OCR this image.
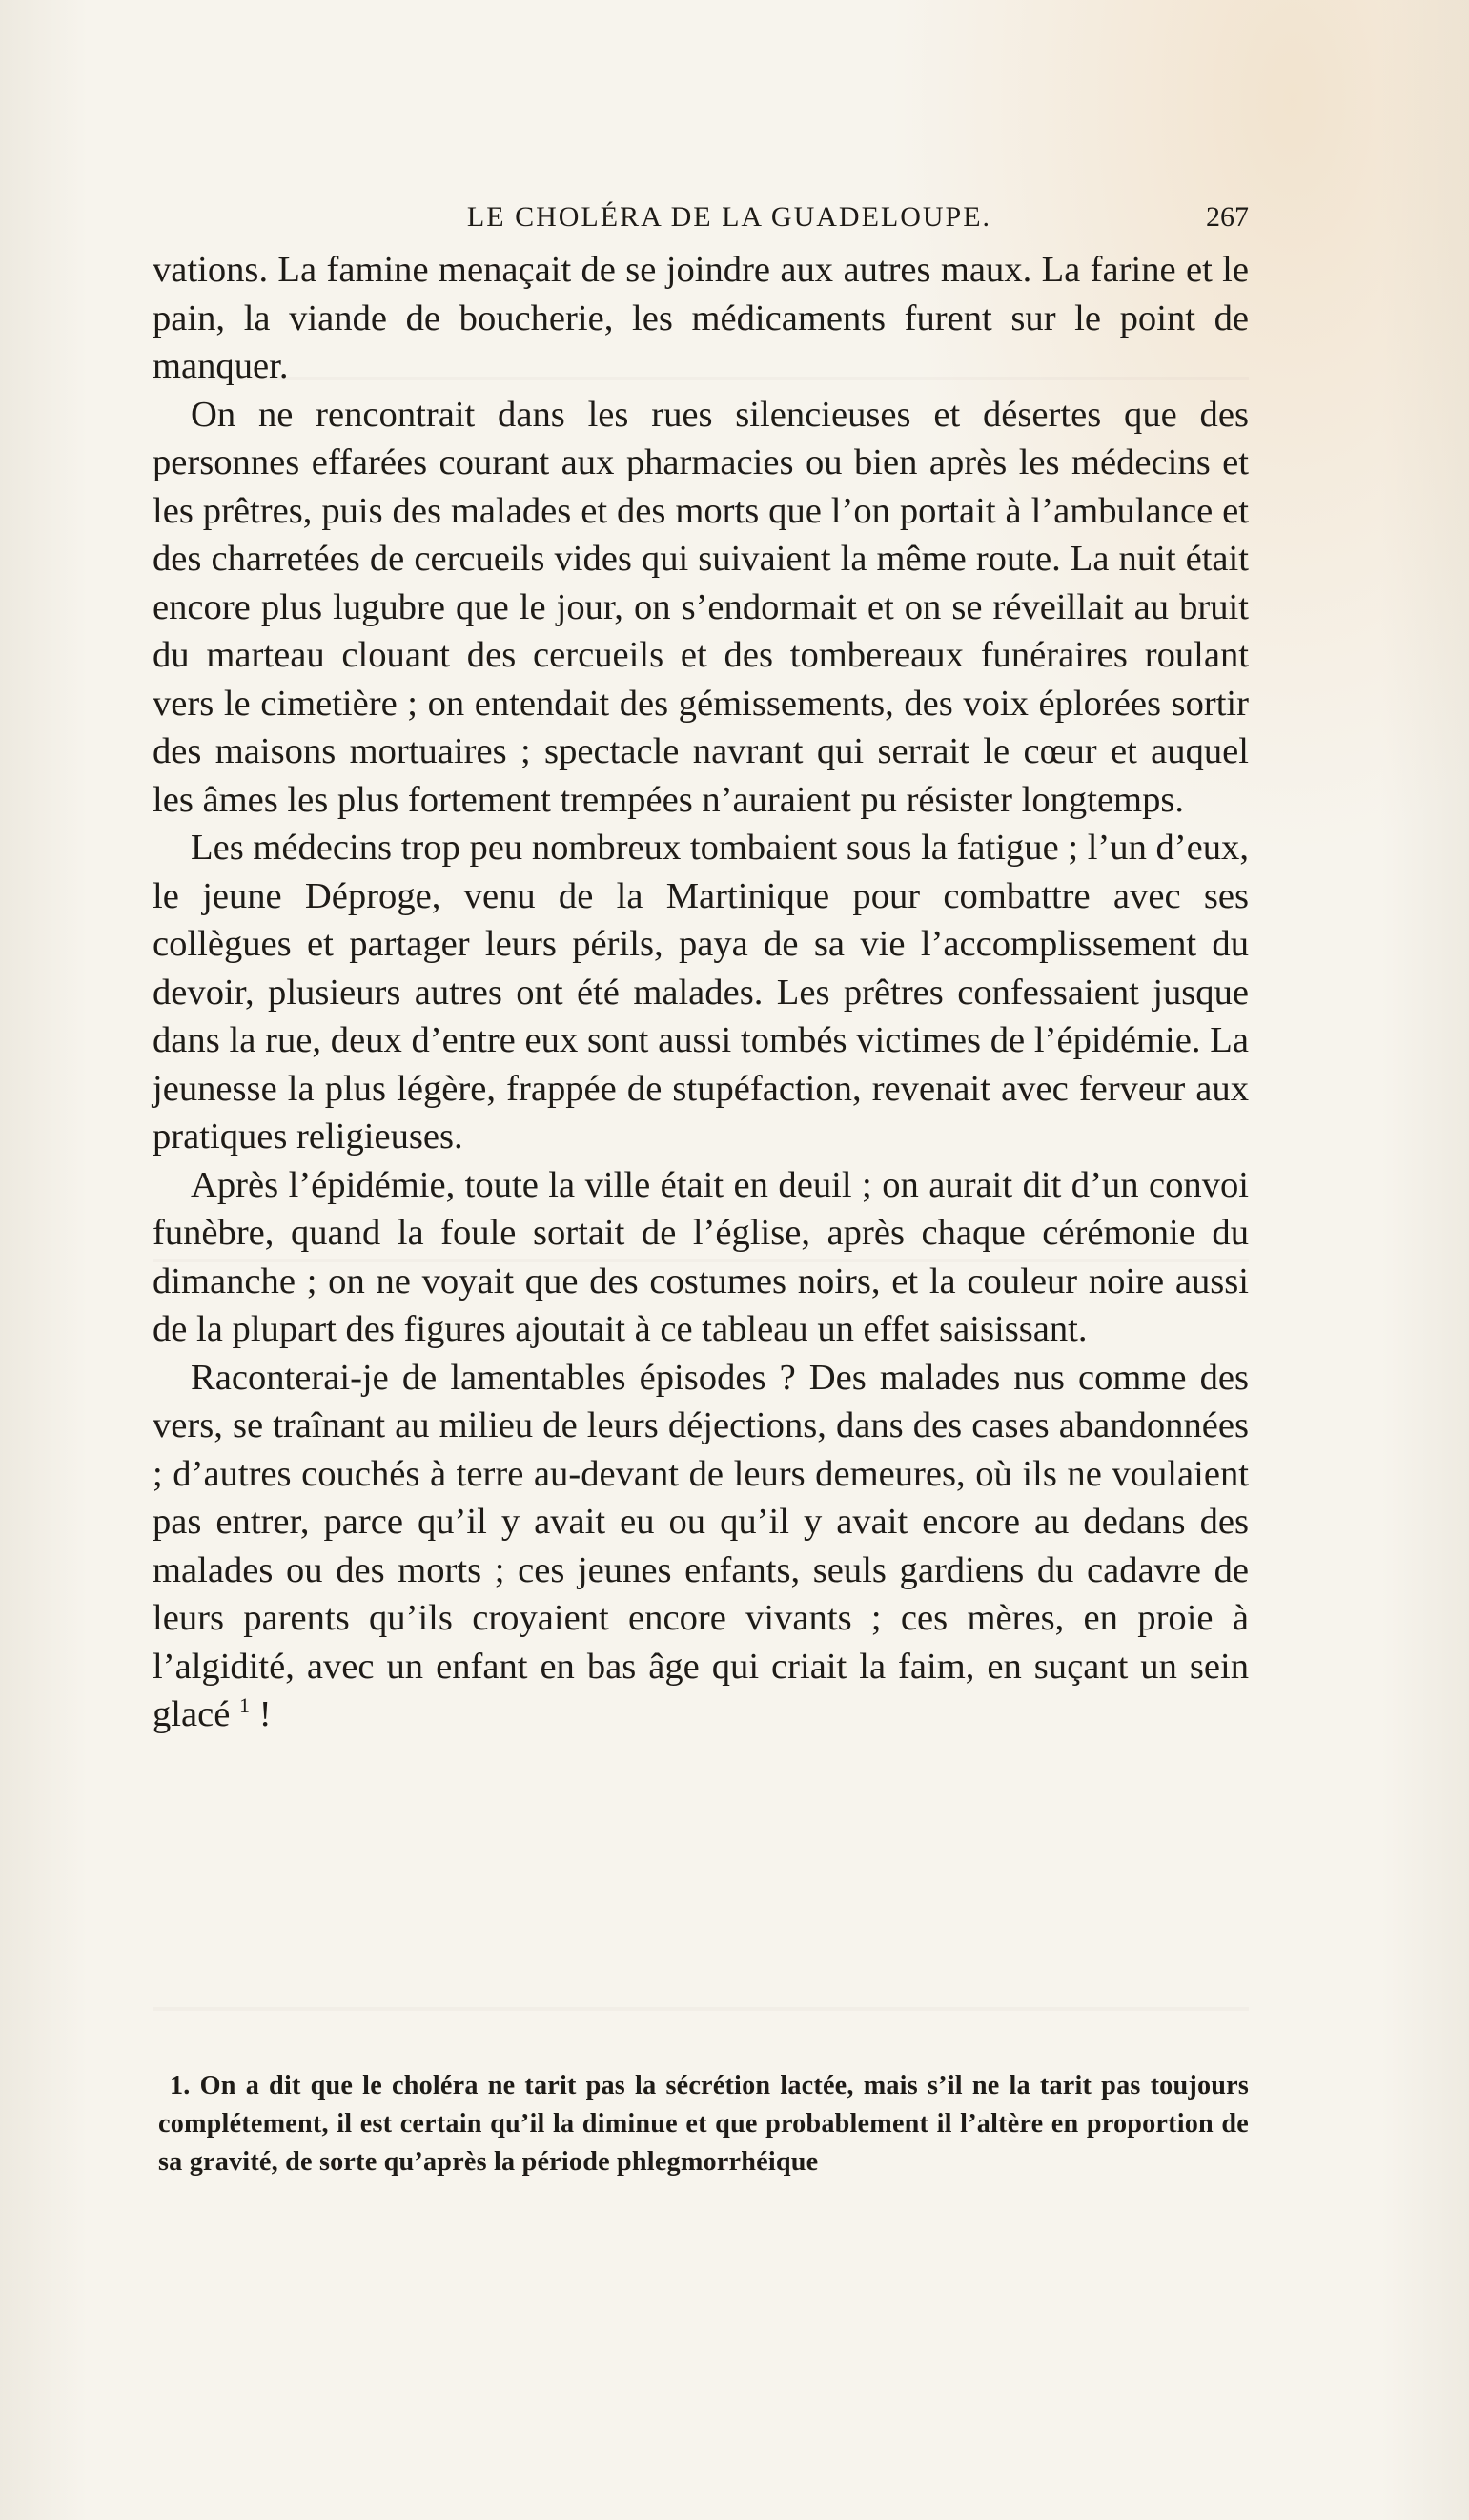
LE CHOLÉRA DE LA GUADELOUPE.	267

vations. La famine menaçait de se joindre aux autres maux. La farine et le pain, la viande de boucherie, les médicaments furent sur le point de manquer.

On ne rencontrait dans les rues silencieuses et désertes que des personnes effarées courant aux pharmacies ou bien après les médecins et les prêtres, puis des malades et des morts que l’on portait à l’ambulance et des charretées de cercueils vides qui suivaient la même route. La nuit était encore plus lugubre que le jour, on s’endormait et on se réveillait au bruit du marteau clouant des cercueils et des tombereaux funéraires roulant vers le cimetière ; on entendait des gémissements, des voix éplorées sortir des maisons mortuaires ; spectacle navrant qui serrait le cœur et auquel les âmes les plus fortement trempées n’auraient pu résister longtemps.

Les médecins trop peu nombreux tombaient sous la fatigue ; l’un d’eux, le jeune Déproge, venu de la Martinique pour combattre avec ses collègues et partager leurs périls, paya de sa vie l’accomplissement du devoir, plusieurs autres ont été malades. Les prêtres confessaient jusque dans la rue, deux d’entre eux sont aussi tombés victimes de l’épidémie. La jeunesse la plus légère, frappée de stupéfaction, revenait avec ferveur aux pratiques religieuses.

Après l’épidémie, toute la ville était en deuil ; on aurait dit d’un convoi funèbre, quand la foule sortait de l’église, après chaque cérémonie du dimanche ; on ne voyait que des costumes noirs, et la couleur noire aussi de la plupart des figures ajoutait à ce tableau un effet saisissant.

Raconterai-je de lamentables épisodes ? Des malades nus comme des vers, se traînant au milieu de leurs déjections, dans des cases abandonnées ; d’autres couchés à terre au-devant de leurs demeures, où ils ne voulaient pas entrer, parce qu’il y avait eu ou qu’il y avait encore au dedans des malades ou des morts ; ces jeunes enfants, seuls gardiens du cadavre de leurs parents qu’ils croyaient encore vivants ; ces mères, en proie à l’algidité, avec un enfant en bas âge qui criait la faim, en suçant un sein glacé $^1$ !

1. On a dit que le choléra ne tarit pas la sécrétion lactée, mais s’il ne la tarit pas toujours complétement, il est certain qu’il la diminue et que probablement il l’altère en proportion de sa gravité, de sorte qu’après la période phlegmorrhéique
